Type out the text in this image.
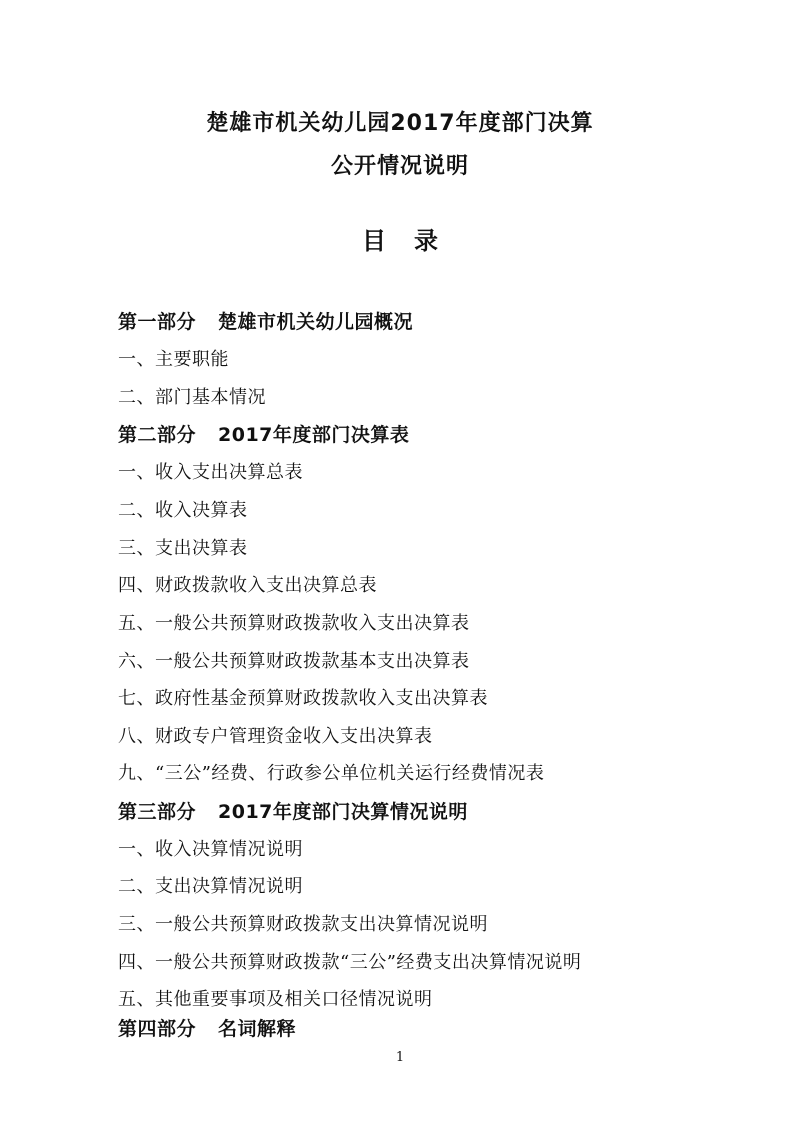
楚雄市机关幼儿园2017年度部门决算
公开情况说明
目 录
第一部分 楚雄市机关幼儿园概况
一、主要职能
二、部门基本情况
第二部分 2017年度部门决算表
一、收入支出决算总表
二、收入决算表
三、支出决算表
四、财政拨款收入支出决算总表
五、一般公共预算财政拨款收入支出决算表
六、一般公共预算财政拨款基本支出决算表
七、政府性基金预算财政拨款收入支出决算表
八、财政专户管理资金收入支出决算表
九、“三公”经费、行政参公单位机关运行经费情况表
第三部分 2017年度部门决算情况说明
一、收入决算情况说明
二、支出决算情况说明
三、一般公共预算财政拨款支出决算情况说明
四、一般公共预算财政拨款“三公”经费支出决算情况说明
五、其他重要事项及相关口径情况说明
第四部分 名词解释
1
